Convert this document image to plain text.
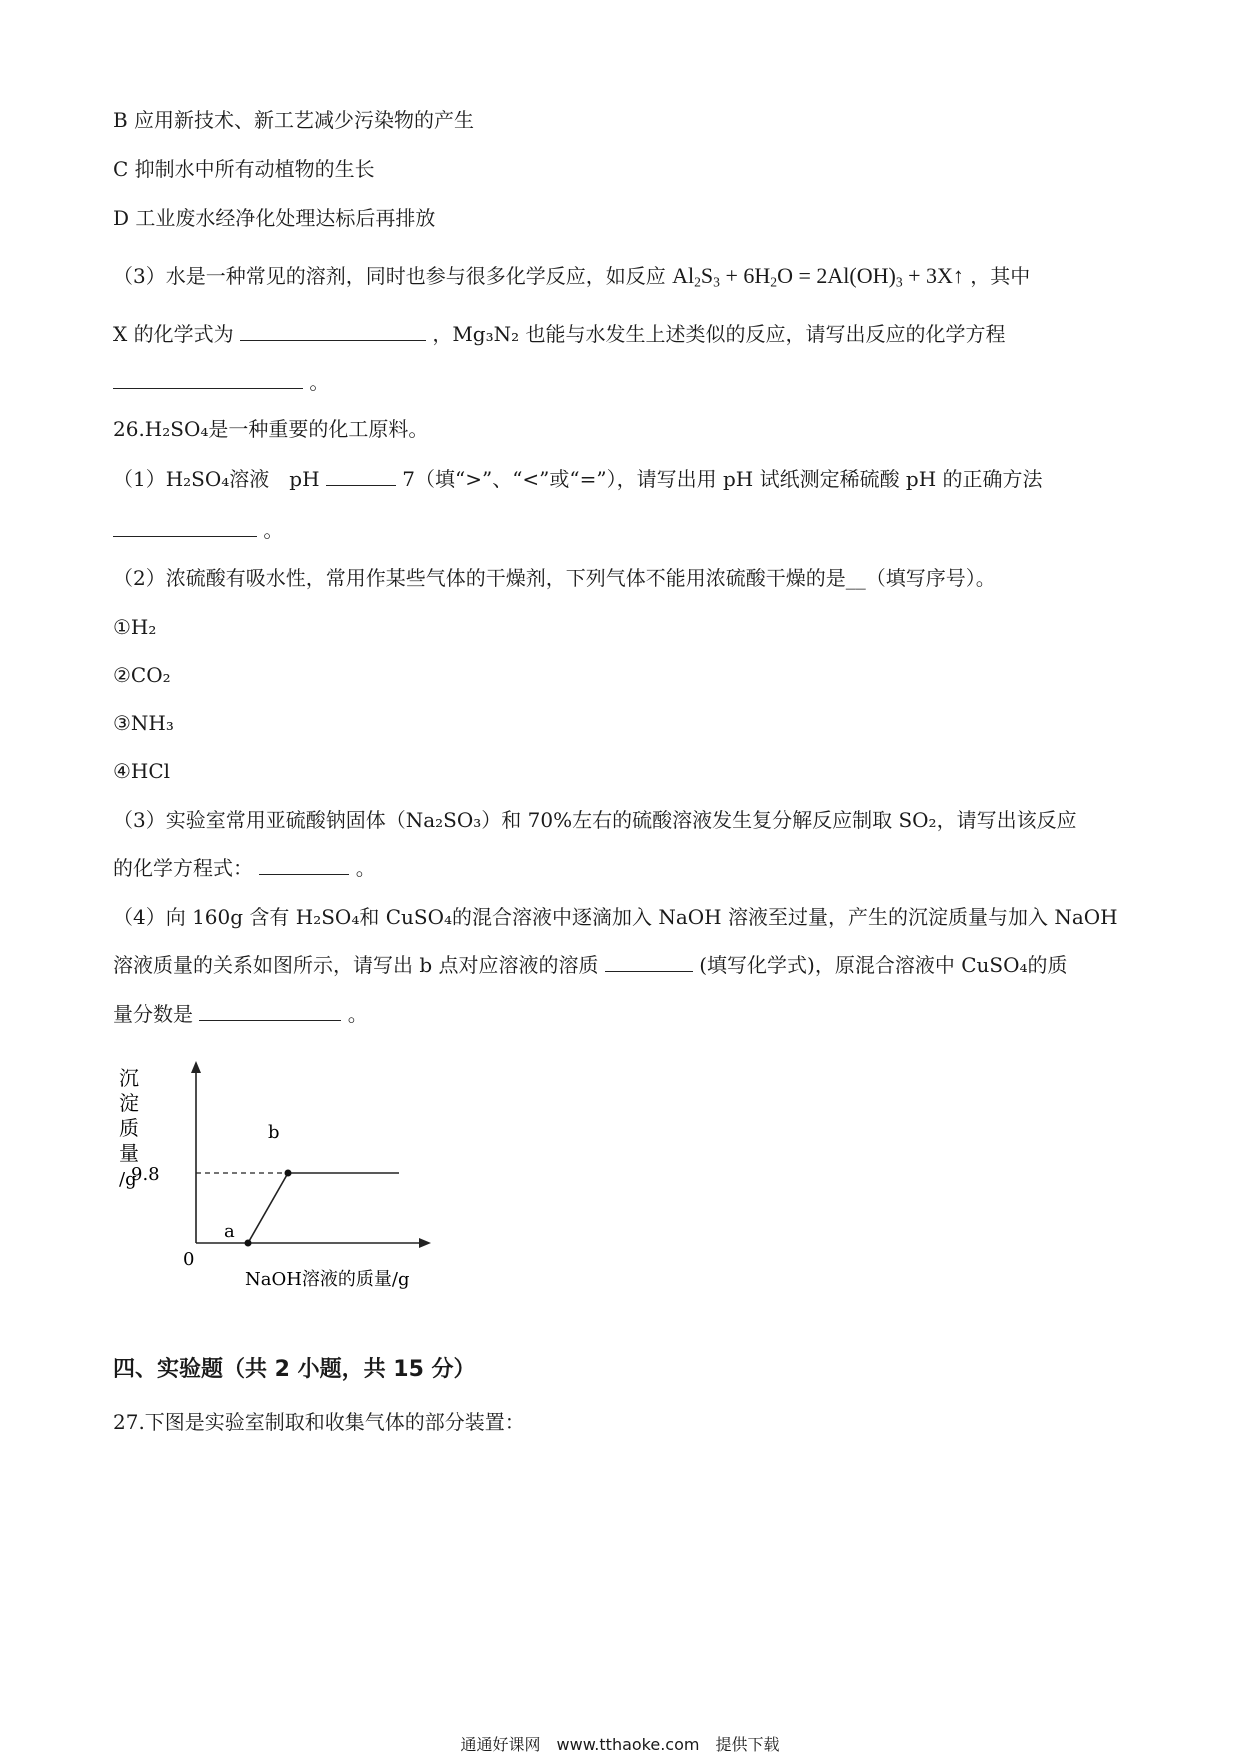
B 应用新技术、新工艺减少污染物的产生
C 抑制水中所有动植物的生长
D 工业废水经净化处理达标后再排放
（3）水是一种常见的溶剂，同时也参与很多化学反应，如反应 $Al_2S_3 + 6H_2O = 2Al(OH)_3$ + 3X↑ ，其中
X 的化学式为	，Mg₃N₂ 也能与水发生上述类似的反应，请写出反应的化学方程
。
26.H₂SO₄是一种重要的化工原料。
（1）H₂SO₄溶液　pH	7（填“>”、“<”或“=”），请写出用 pH 试纸测定稀硫酸 pH 的正确方法
。
（2）浓硫酸有吸水性，常用作某些气体的干燥剂，下列气体不能用浓硫酸干燥的是__（填写序号）。
①H₂
②CO₂
③NH₃
④HCl
（3）实验室常用亚硫酸钠固体（Na₂SO₃）和 70%左右的硫酸溶液发生复分解反应制取 SO₂，请写出该反应
的化学方程式：	。
（4）向 160g 含有 H₂SO₄和 CuSO₄的混合溶液中逐滴加入 NaOH 溶液至过量，产生的沉淀质量与加入 NaOH
溶液质量的关系如图所示，请写出 b 点对应溶液的溶质	(填写化学式)，原混合溶液中 CuSO₄的质
量分数是	。
a
b
9.8
0
NaOH溶液的质量/g
沉
淀
质
量
/g
四、实验题（共 2 小题，共 15 分）
27.下图是实验室制取和收集气体的部分装置：
通通好课网　www.tthaoke.com　提供下载
